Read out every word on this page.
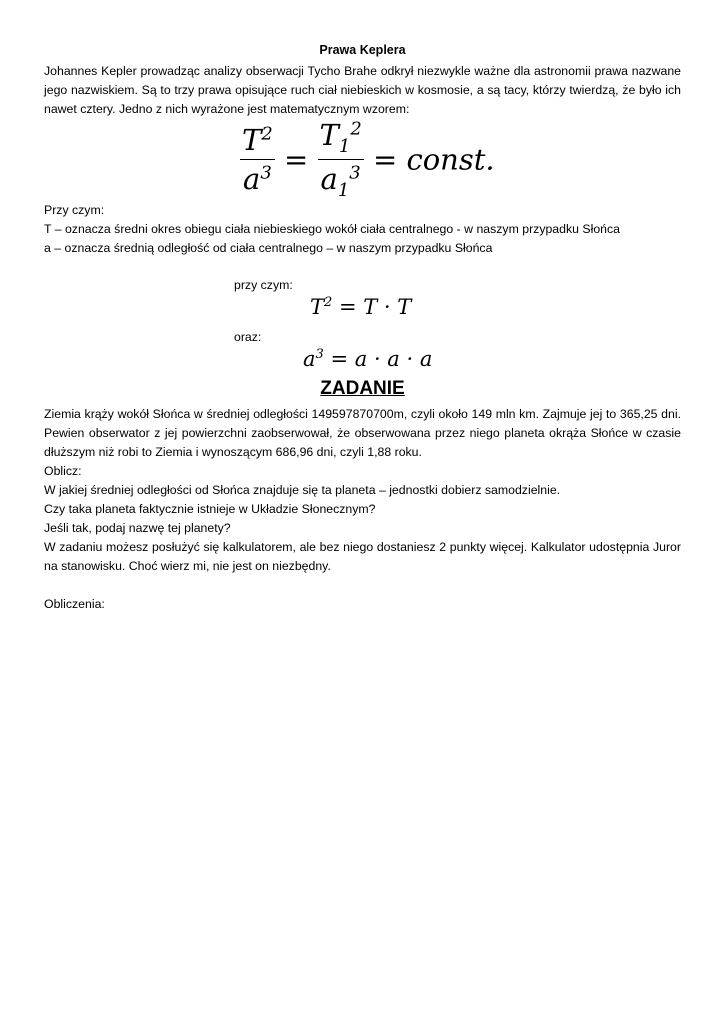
Prawa Keplera
Johannes Kepler prowadząc analizy obserwacji Tycho Brahe odkrył niezwykle ważne dla astronomii prawa nazwane jego nazwiskiem. Są to trzy prawa opisujące ruch ciał niebieskich w kosmosie, a są tacy, którzy twierdzą, że było ich nawet cztery. Jedno z nich wyrażone jest matematycznym wzorem:
$\frac{T^2}{a^3} = \frac{T_1^2}{a_1^3}$ = const.
Przy czym:
T – oznacza średni okres obiegu ciała niebieskiego wokół ciała centralnego - w naszym przypadku Słońca
a – oznacza średnią odległość od ciała centralnego – w naszym przypadku Słońca
przy czym:
$T^2 = T \cdot T$
oraz:
$a^3 = a \cdot a \cdot a$
ZADANIE
Ziemia krąży wokół Słońca w średniej odległości 149597870700m, czyli około 149 mln km. Zajmuje jej to 365,25 dni. Pewien obserwator z jej powierzchni zaobserwował, że obserwowana przez niego planeta okrąża Słońce w czasie dłuższym niż robi to Ziemia i wynoszącym 686,96 dni, czyli 1,88 roku.
Oblicz:
W jakiej średniej odległości od Słońca znajduje się ta planeta – jednostki dobierz samodzielnie.
Czy taka planeta faktycznie istnieje w Układzie Słonecznym?
Jeśli tak, podaj nazwę tej planety?
W zadaniu możesz posłużyć się kalkulatorem, ale bez niego dostaniesz 2 punkty więcej. Kalkulator udostępnia Juror na stanowisku. Choć wierz mi, nie jest on niezbędny.
Obliczenia:
